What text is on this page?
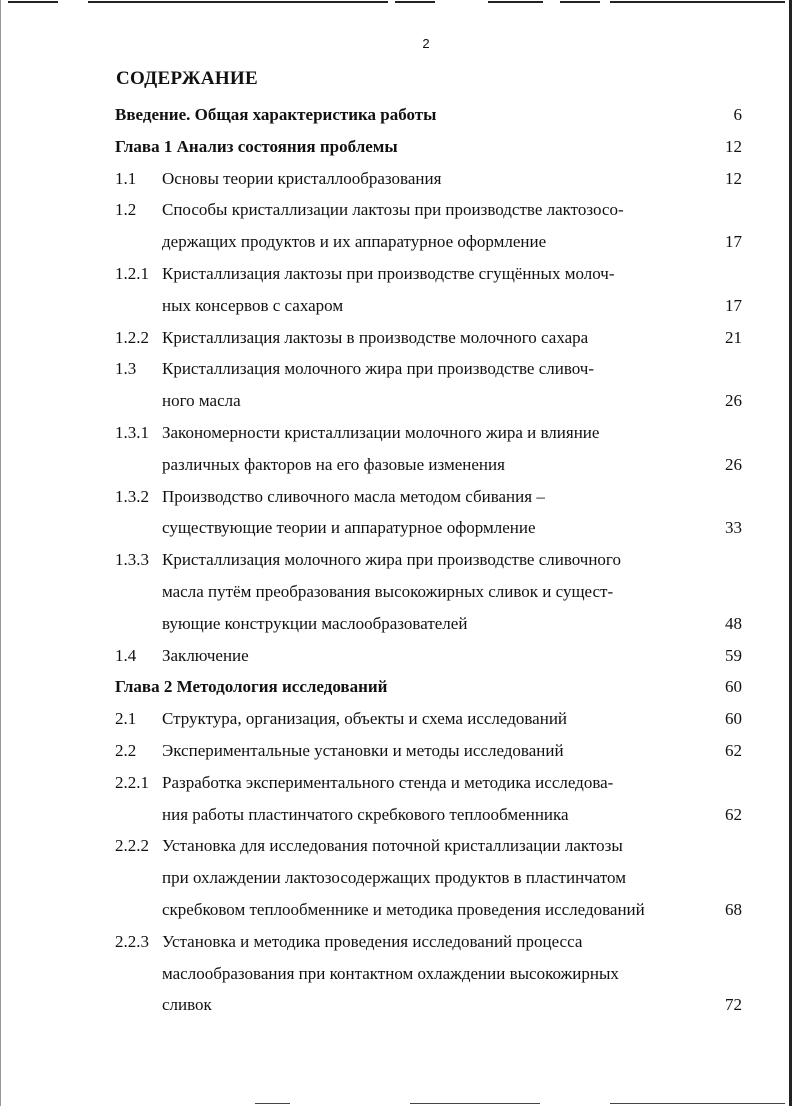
2
СОДЕРЖАНИЕ
Введение. Общая характеристика работы	6
Глава 1 Анализ состояния проблемы	12
1.1 Основы теории кристаллообразования	12
1.2 Способы кристаллизации лактозы при производстве лактозосо-
держащих продуктов и их аппаратурное оформление	17
1.2.1 Кристаллизация лактозы при производстве сгущённых молоч-
ных консервов с сахаром	17
1.2.2 Кристаллизация лактозы в производстве молочного сахара	21
1.3 Кристаллизация молочного жира при производстве сливоч-
ного масла	26
1.3.1 Закономерности кристаллизации молочного жира и влияние
различных факторов на его фазовые изменения	26
1.3.2 Производство сливочного масла методом сбивания –
существующие теории и аппаратурное оформление	33
1.3.3 Кристаллизация молочного жира при производстве сливочного
масла путём преобразования высокожирных сливок и сущест-
вующие конструкции маслообразователей	48
1.4 Заключение	59
Глава 2 Методология исследований	60
2.1 Структура, организация, объекты и схема исследований	60
2.2 Экспериментальные установки и методы исследований	62
2.2.1 Разработка экспериментального стенда и методика исследова-
ния работы пластинчатого скребкового теплообменника	62
2.2.2 Установка для исследования поточной кристаллизации лактозы
при охлаждении лактозосодержащих продуктов в пластинчатом
скребковом теплообменнике и методика проведения исследований	68
2.2.3 Установка и методика проведения исследований процесса
маслообразования при контактном охлаждении высокожирных
сливок	72
